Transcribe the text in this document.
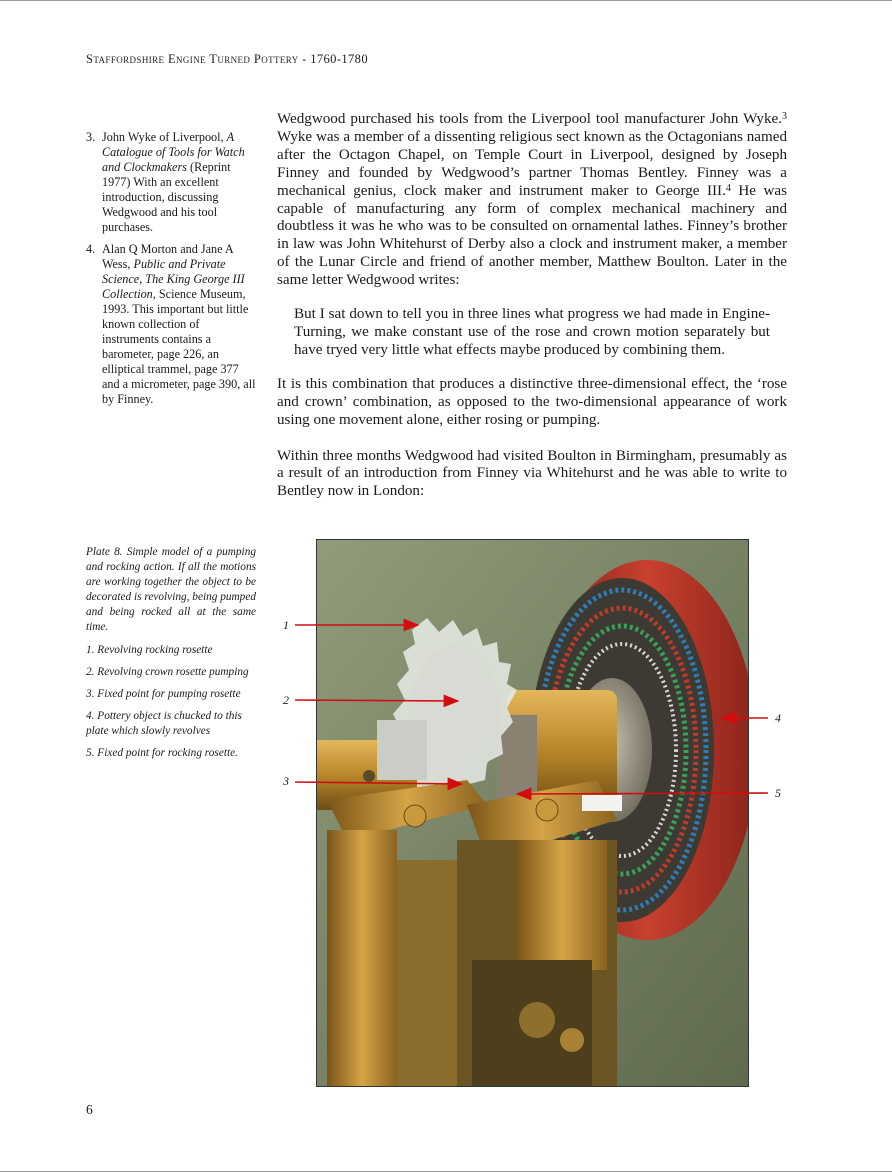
Staffordshire Engine Turned Pottery - 1760-1780
3. John Wyke of Liverpool, A Catalogue of Tools for Watch and Clockmakers (Reprint 1977) With an excellent introduction, discussing Wedgwood and his tool purchases.
4. Alan Q Morton and Jane A Wess, Public and Private Science, The King George III Collection, Science Museum, 1993. This important but little known collection of instruments contains a barometer, page 226, an elliptical trammel, page 377 and a micrometer, page 390, all by Finney.

Wedgwood purchased his tools from the Liverpool tool manufacturer John Wyke.$^3$ Wyke was a member of a dissenting religious sect known as the Octagonians named after the Octagon Chapel, on Temple Court in Liverpool, designed by Joseph Finney and founded by Wedgwood’s partner Thomas Bentley. Finney was a mechanical genius, clock maker and instrument maker to George III.$^4$ He was capable of manufacturing any form of complex mechanical machinery and doubtless it was he who was to be consulted on ornamental lathes. Finney’s brother in law was John Whitehurst of Derby also a clock and instrument maker, a member of the Lunar Circle and friend of another member, Matthew Boulton. Later in the same letter Wedgwood writes:

But I sat down to tell you in three lines what progress we had made in Engine-Turning, we make constant use of the rose and crown motion separately but have tryed very little what effects maybe produced by combining them.

It is this combination that produces a distinctive three-dimensional effect, the ‘rose and crown’ combination, as opposed to the two-dimensional appearance of work using one movement alone, either rosing or pumping.

Within three months Wedgwood had visited Boulton in Birmingham, presumably as a result of an introduction from Finney via Whitehurst and he was able to write to Bentley now in London:

Plate 8. Simple model of a pumping and rocking action. If all the motions are working together the object to be decorated is revolving, being pumped and being rocked all at the same time.

1. Revolving rocking rosette

2. Revolving crown rosette pumping

3. Fixed point for pumping rosette

4. Pottery object is chucked to this plate which slowly revolves

5. Fixed point for rocking rosette.

1
2
3
4
5
6
